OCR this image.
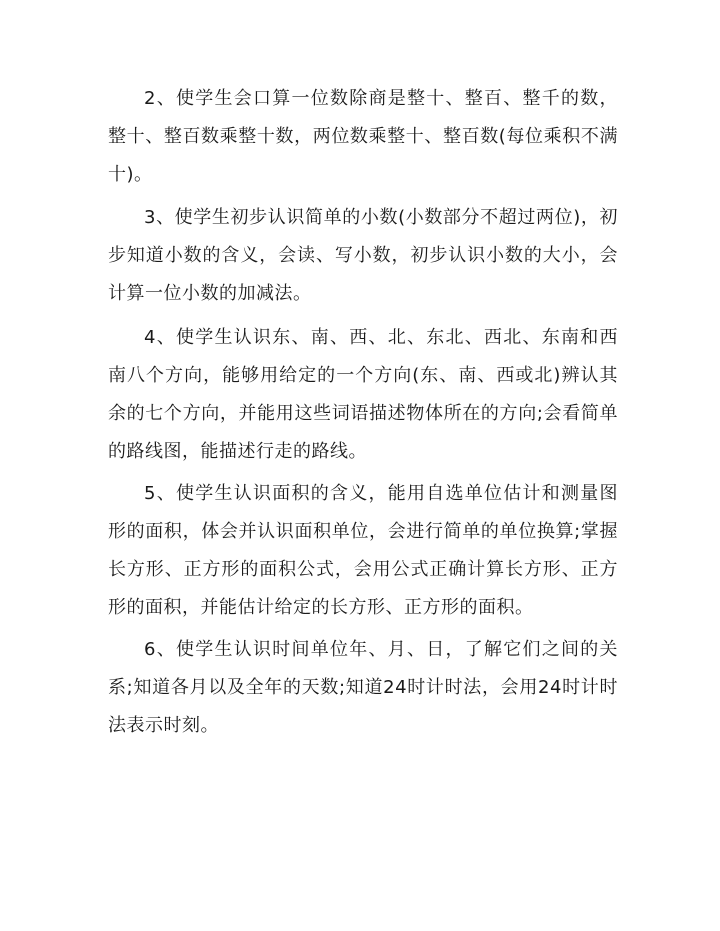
2、使学生会口算一位数除商是整十、整百、整千的数，整十、整百数乘整十数，两位数乘整十、整百数(每位乘积不满十)。

3、使学生初步认识简单的小数(小数部分不超过两位)，初步知道小数的含义，会读、写小数，初步认识小数的大小，会计算一位小数的加减法。

4、使学生认识东、南、西、北、东北、西北、东南和西南八个方向，能够用给定的一个方向(东、南、西或北)辨认其余的七个方向，并能用这些词语描述物体所在的方向;会看简单的路线图，能描述行走的路线。

5、使学生认识面积的含义，能用自选单位估计和测量图形的面积，体会并认识面积单位，会进行简单的单位换算;掌握长方形、正方形的面积公式，会用公式正确计算长方形、正方形的面积，并能估计给定的长方形、正方形的面积。

6、使学生认识时间单位年、月、日，了解它们之间的关系;知道各月以及全年的天数;知道24时计时法，会用24时计时法表示时刻。
